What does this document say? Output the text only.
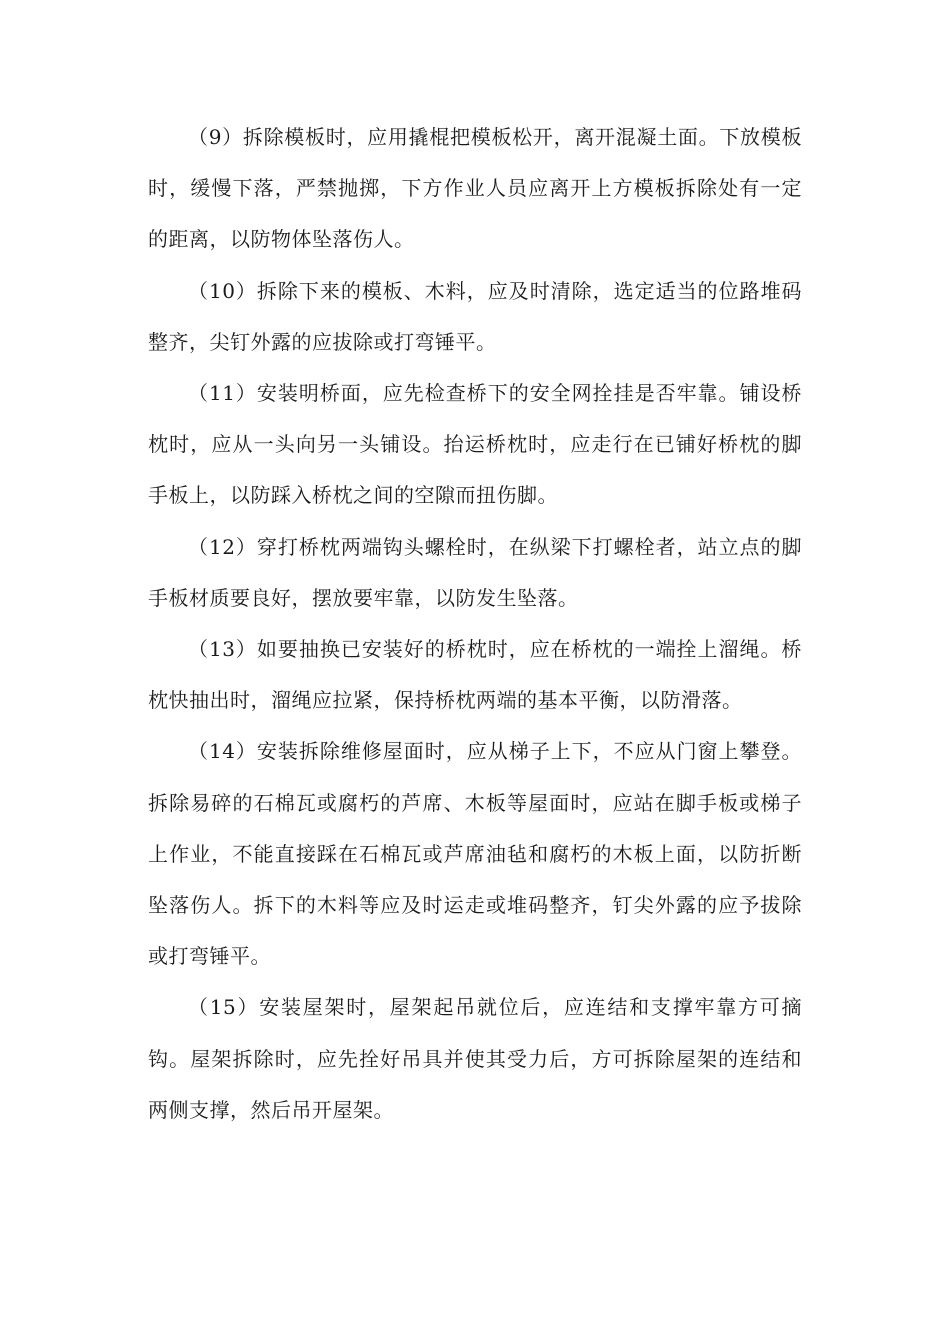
（9）拆除模板时，应用撬棍把模板松开，离开混凝土面。下放模板时，缓慢下落，严禁抛掷，下方作业人员应离开上方模板拆除处有一定的距离，以防物体坠落伤人。

（10）拆除下来的模板、木料，应及时清除，选定适当的位路堆码整齐，尖钉外露的应拔除或打弯锤平。

（11）安装明桥面，应先检查桥下的安全网拴挂是否牢靠。铺设桥枕时，应从一头向另一头铺设。抬运桥枕时，应走行在已铺好桥枕的脚手板上，以防踩入桥枕之间的空隙而扭伤脚。

（12）穿打桥枕两端钩头螺栓时，在纵梁下打螺栓者，站立点的脚手板材质要良好，摆放要牢靠，以防发生坠落。

（13）如要抽换已安装好的桥枕时，应在桥枕的一端拴上溜绳。桥枕快抽出时，溜绳应拉紧，保持桥枕两端的基本平衡，以防滑落。

（14）安装拆除维修屋面时，应从梯子上下，不应从门窗上攀登。拆除易碎的石棉瓦或腐朽的芦席、木板等屋面时，应站在脚手板或梯子上作业，不能直接踩在石棉瓦或芦席油毡和腐朽的木板上面，以防折断坠落伤人。拆下的木料等应及时运走或堆码整齐，钉尖外露的应予拔除或打弯锤平。

（15）安装屋架时，屋架起吊就位后，应连结和支撑牢靠方可摘钩。屋架拆除时，应先拴好吊具并使其受力后，方可拆除屋架的连结和两侧支撑，然后吊开屋架。
